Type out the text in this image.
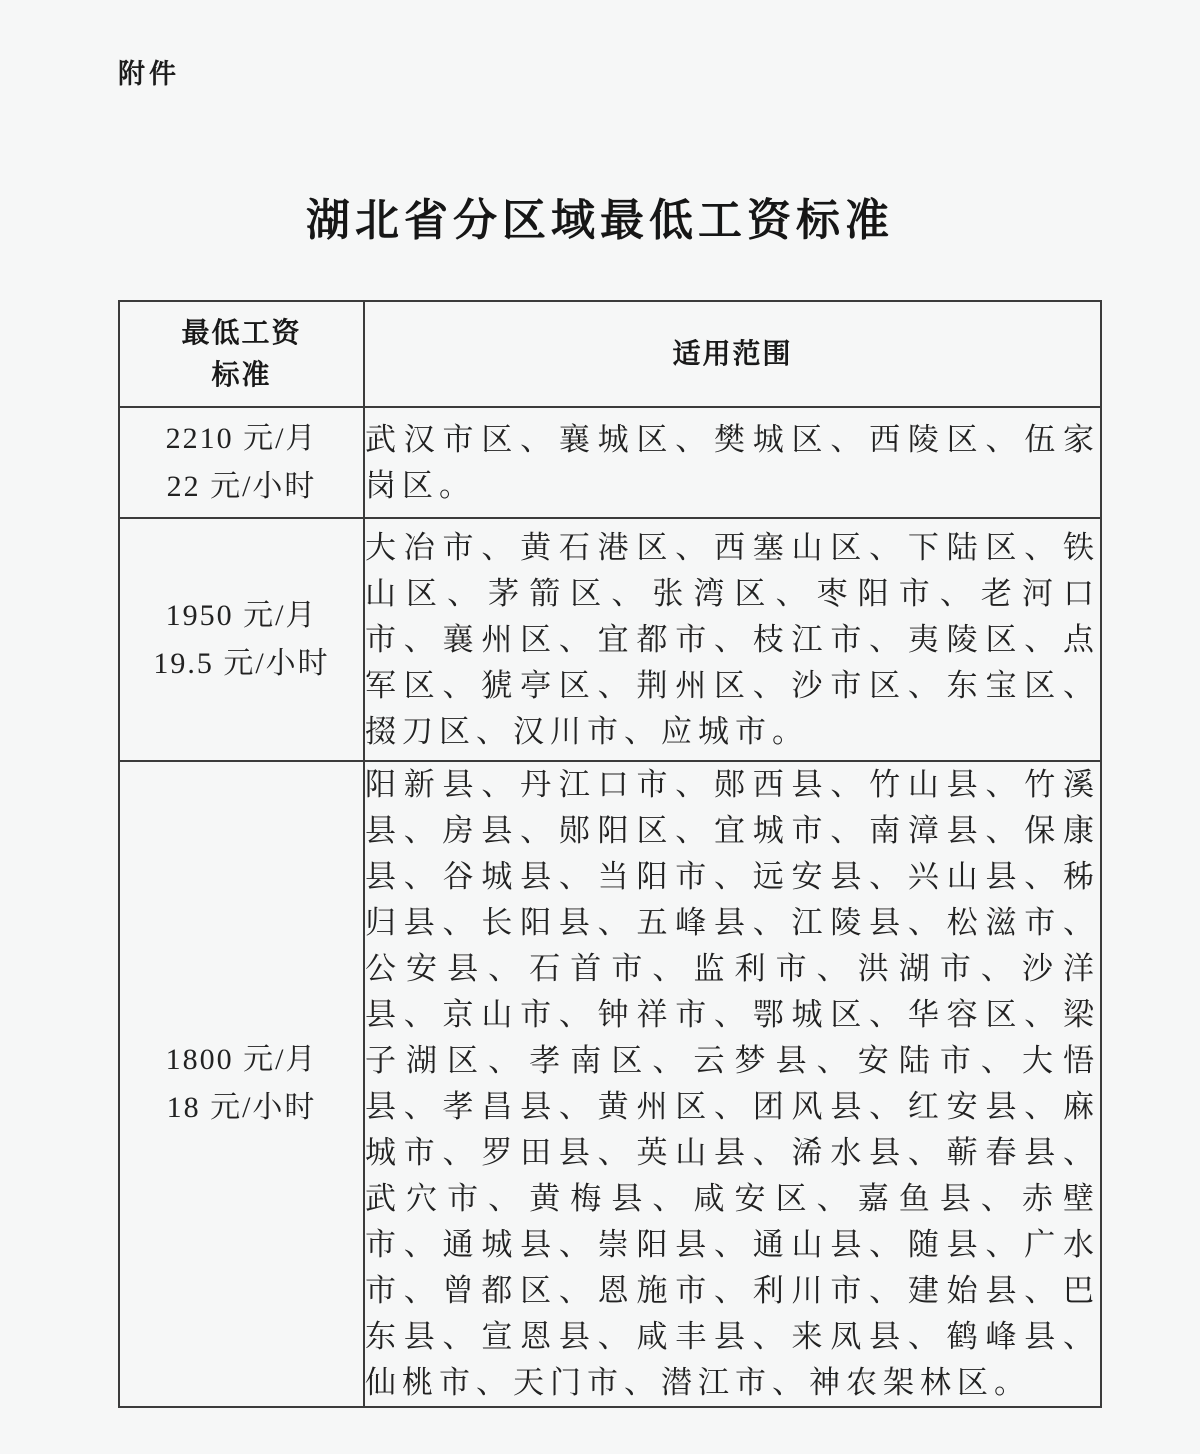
附件
湖北省分区域最低工资标准
最低工资
标准	适用范围

2210 元/月
22 元/小时	武汉市区、襄城区、樊城区、西陵区、伍家岗区。

1950 元/月
19.5 元/小时	大冶市、黄石港区、西塞山区、下陆区、铁山区、茅箭区、张湾区、枣阳市、老河口市、襄州区、宜都市、枝江市、夷陵区、点军区、猇亭区、荆州区、沙市区、东宝区、掇刀区、汉川市、应城市。

1800 元/月
18 元/小时	阳新县、丹江口市、郧西县、竹山县、竹溪县、房县、郧阳区、宜城市、南漳县、保康县、谷城县、当阳市、远安县、兴山县、秭归县、长阳县、五峰县、江陵县、松滋市、公安县、石首市、监利市、洪湖市、沙洋县、京山市、钟祥市、鄂城区、华容区、梁子湖区、孝南区、云梦县、安陆市、大悟县、孝昌县、黄州区、团风县、红安县、麻城市、罗田县、英山县、浠水县、蕲春县、武穴市、黄梅县、咸安区、嘉鱼县、赤壁市、通城县、崇阳县、通山县、随县、广水市、曾都区、恩施市、利川市、建始县、巴东县、宣恩县、咸丰县、来凤县、鹤峰县、仙桃市、天门市、潜江市、神农架林区。
